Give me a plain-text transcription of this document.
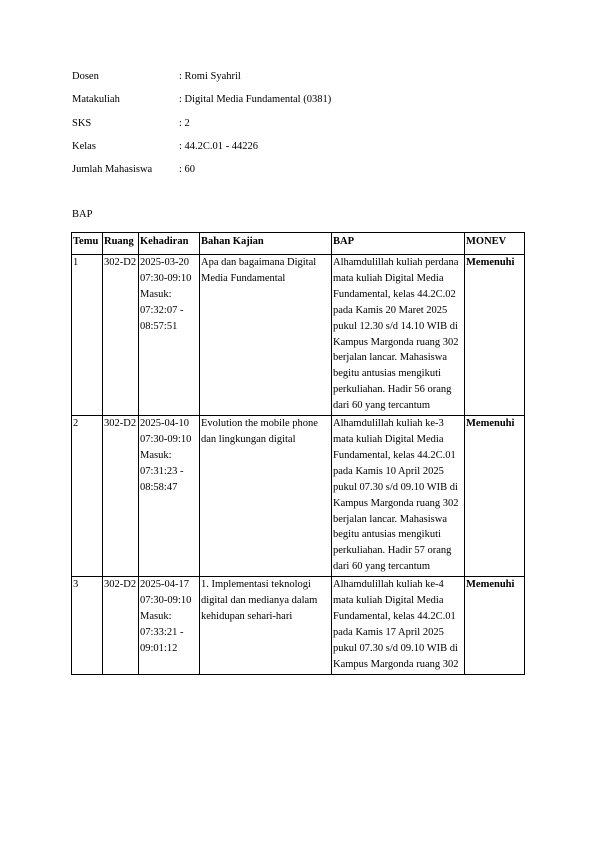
Dosen	: Romi Syahril
Matakuliah	: Digital Media Fundamental (0381)
SKS	: 2
Kelas	: 44.2C.01 - 44226
Jumlah Mahasiswa	: 60
BAP
Temu	Ruang	Kehadiran	Bahan Kajian	BAP	MONEV
1	302-D2	2025-03-20 07:30-09:10 Masuk: 07:32:07 - 08:57:51	Apa dan bagaimana Digital Media Fundamental	Alhamdulillah kuliah perdana mata kuliah Digital Media Fundamental, kelas 44.2C.02 pada Kamis 20 Maret 2025 pukul 12.30 s/d 14.10 WIB di Kampus Margonda ruang 302 berjalan lancar. Mahasiswa begitu antusias mengikuti perkuliahan. Hadir 56 orang dari 60 yang tercantum	Memenuhi
2	302-D2	2025-04-10 07:30-09:10 Masuk: 07:31:23 - 08:58:47	Evolution the mobile phone dan lingkungan digital	Alhamdulillah kuliah ke-3 mata kuliah Digital Media Fundamental, kelas 44.2C.01 pada Kamis 10 April 2025 pukul 07.30 s/d 09.10 WIB di Kampus Margonda ruang 302 berjalan lancar. Mahasiswa begitu antusias mengikuti perkuliahan. Hadir 57 orang dari 60 yang tercantum	Memenuhi
3	302-D2	2025-04-17 07:30-09:10 Masuk: 07:33:21 - 09:01:12	1. Implementasi teknologi digital dan medianya dalam kehidupan sehari-hari	Alhamdulillah kuliah ke-4 mata kuliah Digital Media Fundamental, kelas 44.2C.01 pada Kamis 17 April 2025 pukul 07.30 s/d 09.10 WIB di Kampus Margonda ruang 302	Memenuhi
